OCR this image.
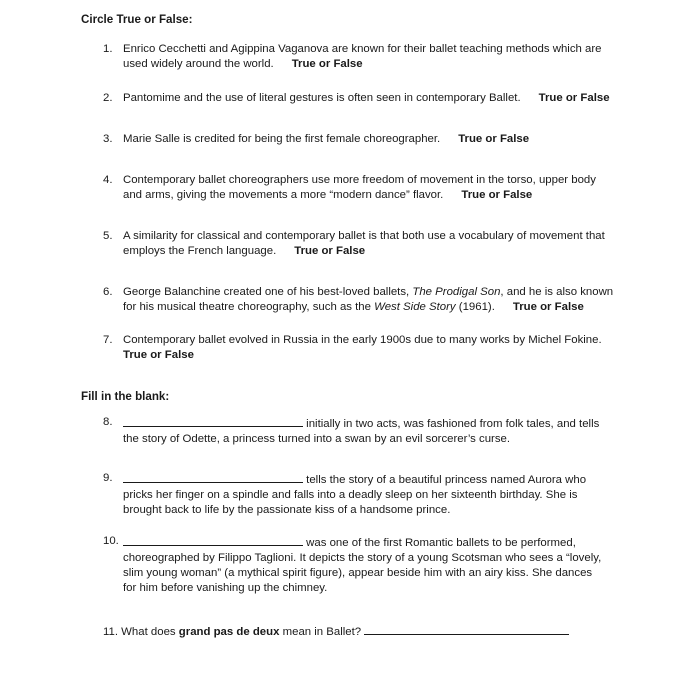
Circle True or False:
1. Enrico Cecchetti and Agippina Vaganova are known for their ballet teaching methods which are
used widely around the world. True or False
2. Pantomime and the use of literal gestures is often seen in contemporary Ballet. True or False
3. Marie Salle is credited for being the first female choreographer. True or False
4. Contemporary ballet choreographers use more freedom of movement in the torso, upper body
and arms, giving the movements a more “modern dance” flavor. True or False
5. A similarity for classical and contemporary ballet is that both use a vocabulary of movement that
employs the French language. True or False
6. George Balanchine created one of his best-loved ballets, The Prodigal Son, and he is also known
for his musical theatre choreography, such as the West Side Story (1961). True or False
7. Contemporary ballet evolved in Russia in the early 1900s due to many works by Michel Fokine.
True or False
Fill in the blank:
8.	initially in two acts, was fashioned from folk tales, and tells
the story of Odette, a princess turned into a swan by an evil sorcerer’s curse.
9.	tells the story of a beautiful princess named Aurora who
pricks her finger on a spindle and falls into a deadly sleep on her sixteenth birthday. She is
brought back to life by the passionate kiss of a handsome prince.
10.	was one of the first Romantic ballets to be performed,
choreographed by Filippo Taglioni. It depicts the story of a young Scotsman who sees a “lovely,
slim young woman” (a mythical spirit figure), appear beside him with an airy kiss. She dances
for him before vanishing up the chimney.
11. What does grand pas de deux mean in Ballet?
